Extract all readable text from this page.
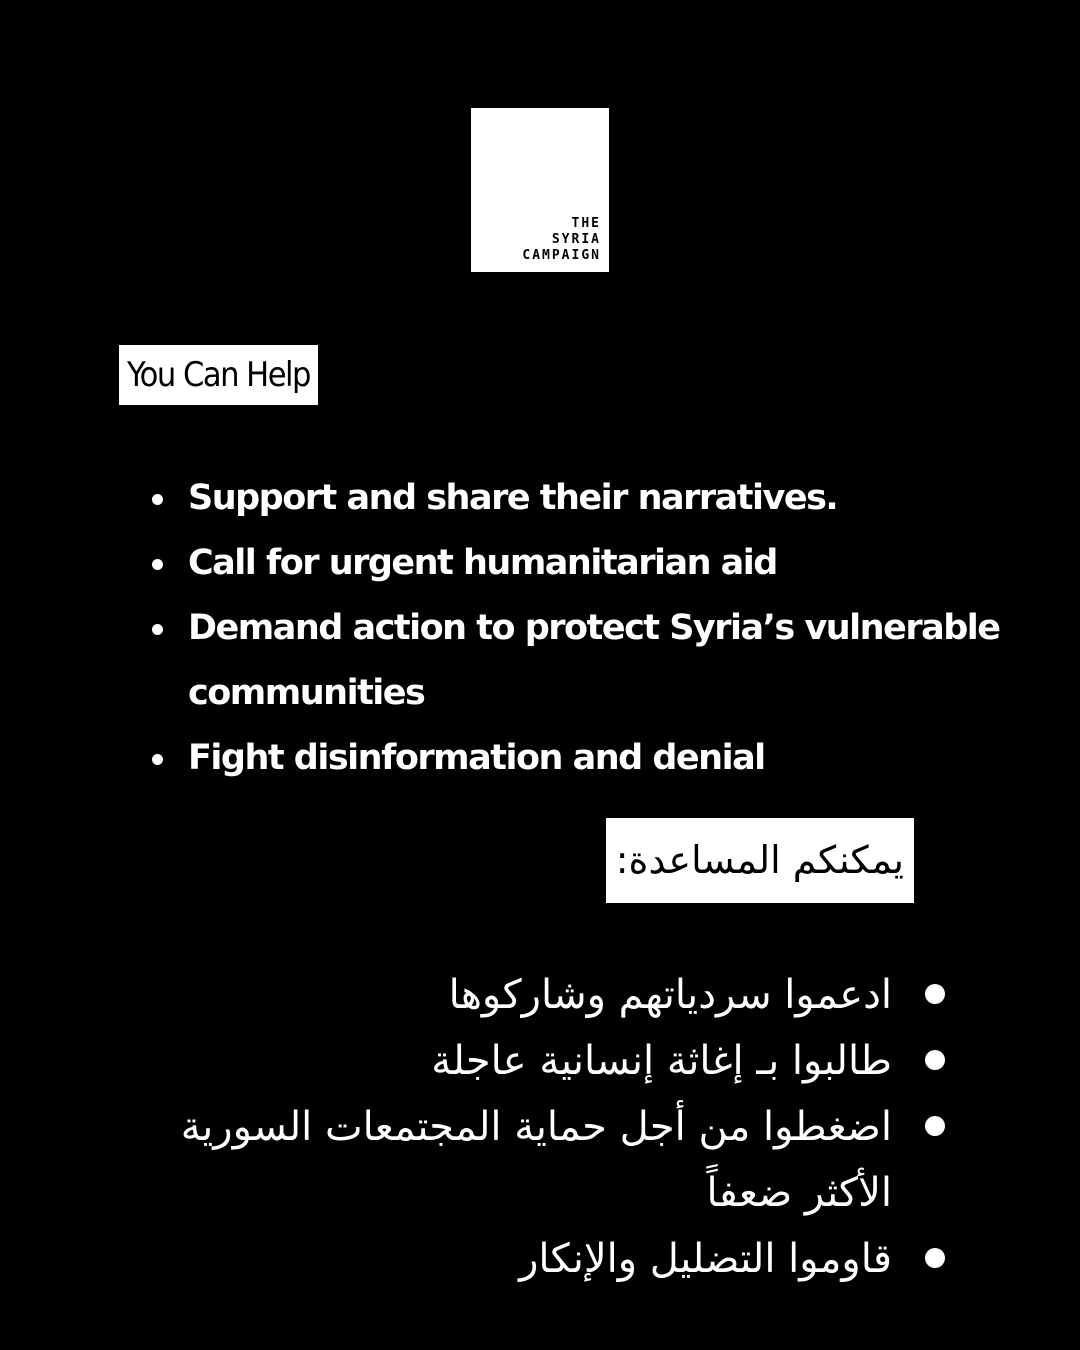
THE
SYRIA
CAMPAIGN
You Can Help
Support and share their narratives.
Call for urgent humanitarian aid
Demand action to protect Syria’s vulnerable communities
Fight disinformation and denial
يمكنكم المساعدة:
ادعموا سردياتهم وشاركوها
طالبوا بـ إغاثة إنسانية عاجلة
اضغطوا من أجل حماية المجتمعات السورية الأكثر ضعفاً
قاوموا التضليل والإنكار
